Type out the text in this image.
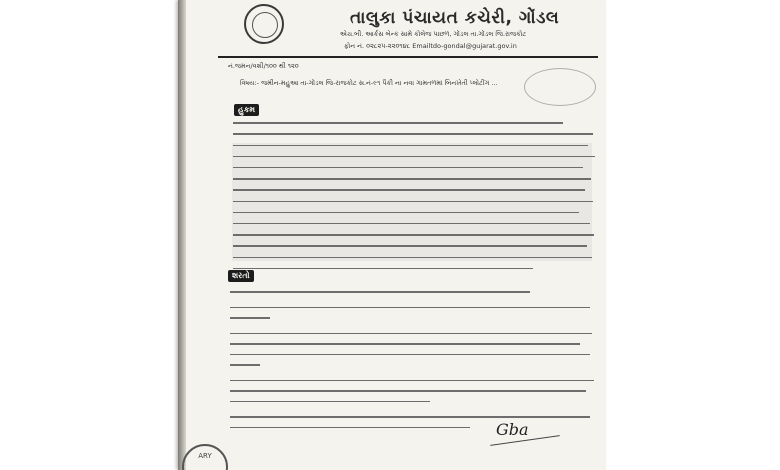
તાલુકા પંચાયત કચેરી, ગોંડલ
એચ.બી. આર્કસ બેન્ક સામે કોલેજ પાછળ, ગોંડલ તા.ગોંડલ જિ.રાજકોટ
ફોન નં. ૦૨૮૨૫-૨૨૦૧૪૮ Emailtdo-gondal@gujarat.gov.in
નં.જમન/વશી/૧૦૦ થી ૧૨૦
વિષય:- જમીન-મહુઆ તા-ગોંડલ જિ-રાજકોટ સ.નં-૯૧ પૈકી ના નવા ગામતળમાં બિનખેતી પ્લોટીંગ ...
હુકમ
શરતો
Gba
ARY
